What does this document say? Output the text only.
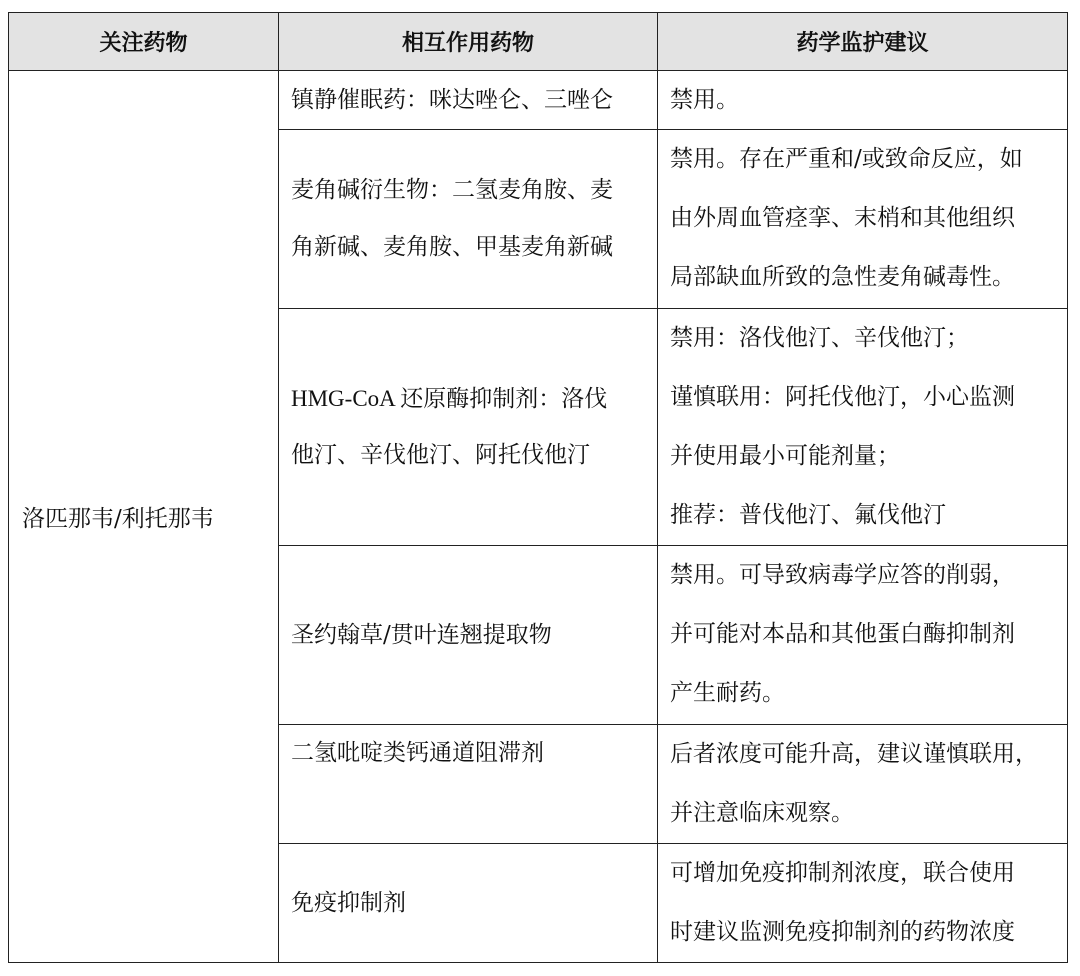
关注药物	相互作用药物	药学监护建议
洛匹那韦/利托那韦	镇静催眠药：咪达唑仑、三唑仑	禁用。

	麦角碱衍生物：二氢麦角胺、麦
角新碱、麦角胺、甲基麦角新碱	禁用。存在严重和/或致命反应，如
由外周血管痉挛、末梢和其他组织
局部缺血所致的急性麦角碱毒性。

	HMG-CoA 还原酶抑制剂：洛伐
他汀、辛伐他汀、阿托伐他汀	禁用：洛伐他汀、辛伐他汀；
谨慎联用：阿托伐他汀，小心监测
并使用最小可能剂量；
推荐：普伐他汀、氟伐他汀

	圣约翰草/贯叶连翘提取物	禁用。可导致病毒学应答的削弱，
并可能对本品和其他蛋白酶抑制剂
产生耐药。

	二氢吡啶类钙通道阻滞剂	后者浓度可能升高，建议谨慎联用，
并注意临床观察。

	免疫抑制剂	可增加免疫抑制剂浓度，联合使用
时建议监测免疫抑制剂的药物浓度
